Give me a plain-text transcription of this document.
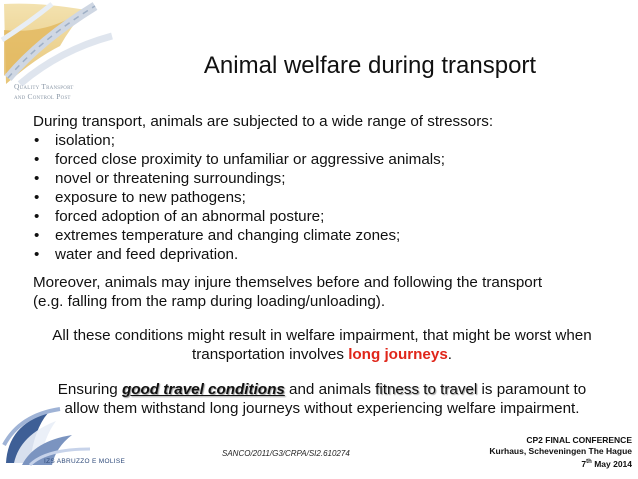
Quality Transport
and Control Post
Animal welfare during transport

During transport, animals are subjected to a wide range of stressors:

• isolation;
• forced close proximity to unfamiliar or aggressive animals;
• novel or threatening surroundings;
• exposure to new pathogens;
• forced adoption of an abnormal posture;
• extremes temperature and changing climate zones;
• water and feed deprivation.

Moreover, animals may injure themselves before and following the transport
(e.g. falling from the ramp during loading/unloading).

All these conditions might result in welfare impairment, that might be worst when
transportation involves long journeys.

Ensuring good travel conditions and animals fitness to travel is paramount to
allow them withstand long journeys without experiencing welfare impairment.

IZS ABRUZZO E MOLISE
SANCO/2011/G3/CRPA/SI2.610274
CP2 FINAL CONFERENCE
Kurhaus, Scheveningen The Hague
7th May 2014
